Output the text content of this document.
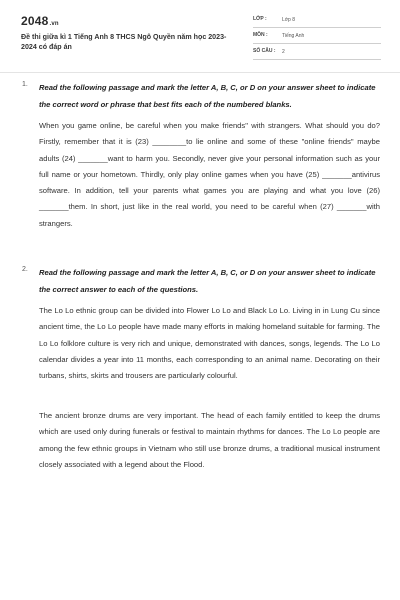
2048.vn
Đề thi giữa kì 1 Tiếng Anh 8 THCS Ngô Quyền năm học 2023-2024 có đáp án
LỚP :	Lớp 8
MÔN :	Tiếng Anh
SỐ CÂU : 2
1. Read the following passage and mark the letter A, B, C, or D on your answer sheet to indicate the correct word or phrase that best fits each of the numbered blanks.
When you game online, be careful when you make friends" with strangers. What should you do? Firstly, remember that it is (23) ________to lie online and some of these "online friends" maybe adults (24) _______want to harm you. Secondly, never give your personal information such as your full name or your hometown. Thirdly, only play online games when you have (25) _______antivirus software. In addition, tell your parents what games you are playing and what you love (26) _______them. In short, just like in the real world, you need to be careful when (27) _______with strangers.
2. Read the following passage and mark the letter A, B, C, or D on your answer sheet to indicate the correct answer to each of the questions.
The Lo Lo ethnic group can be divided into Flower Lo Lo and Black Lo Lo. Living in in Lung Cu since ancient time, the Lo Lo people have made many efforts in making homeland suitable for farming. The Lo Lo folklore culture is very rich and unique, demonstrated with dances, songs, legends. The Lo Lo calendar divides a year into 11 months, each corresponding to an animal name. Decorating on their turbans, shirts, skirts and trousers are particularly colourful.
The ancient bronze drums are very important. The head of each family entitled to keep the drums which are used only during funerals or festival to maintain rhythms for dances. The Lo Lo people are among the few ethnic groups in Vietnam who still use bronze drums, a traditional musical instrument closely associated with a legend about the Flood.
